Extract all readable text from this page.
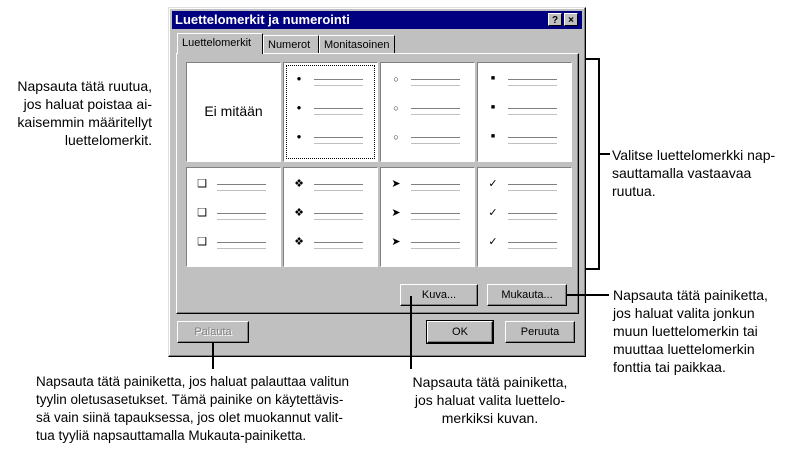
Napsauta tätä ruutua,
jos haluat poistaa ai-
kaisemmin määritellyt
luettelomerkit.
Luettelomerkit ja numerointi	?	×
Luettelomerkit	Numerot	Monitasoinen
Ei mitään
●
●
●
○
○
○
■
■
■
❑
❑
❑
❖
❖
❖
➤
➤
➤
✓
✓
✓
Kuva...	Mukauta...
Palauta	OK	Peruuta
Valitse luettelomerkki nap-
sauttamalla vastaavaa
ruutua.
Napsauta tätä painiketta,
jos haluat valita jonkun
muun luettelomerkin tai
muuttaa luettelomerkin
fonttia tai paikkaa.
Napsauta tätä painiketta, jos haluat palauttaa valitun
tyylin oletusasetukset. Tämä painike on käytettävis-
sä vain siinä tapauksessa, jos olet muokannut valit-
tua tyyliä napsauttamalla Mukauta-painiketta.
Napsauta tätä painiketta,
jos haluat valita luettelo-
merkiksi kuvan.
